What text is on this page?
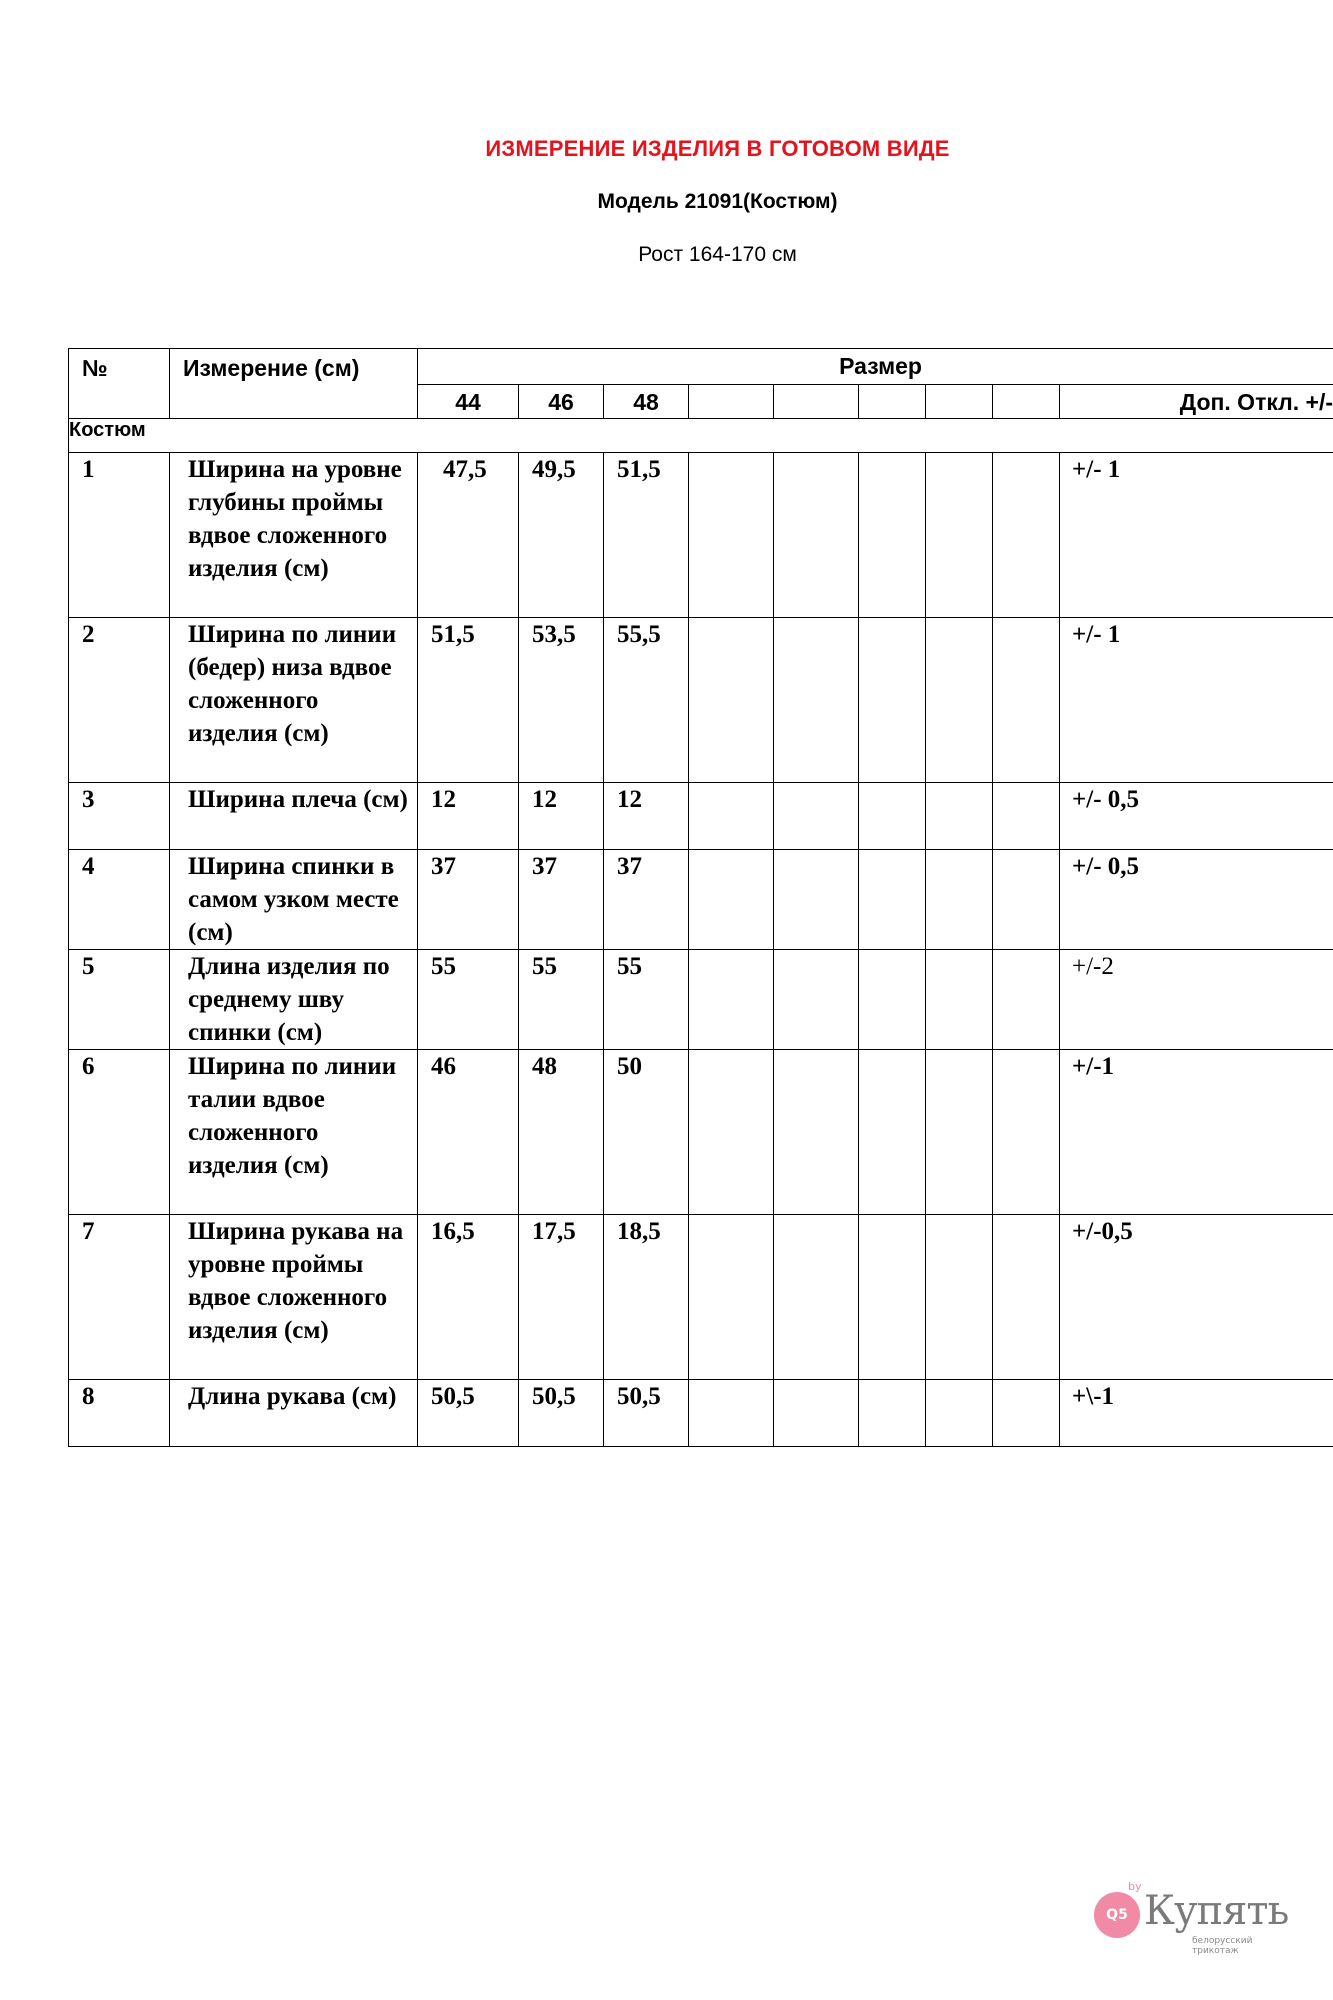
ИЗМЕРЕНИЕ ИЗДЕЛИЯ В ГОТОВОМ ВИДЕ
Модель 21091(Костюм)
Рост 164-170 см
№	Измерение (см)	Размер								
		44	46	48						Доп. Откл. +/-
Костюм										
1	Ширина на уровне глубины проймы вдвое сложенного изделия (см)	47,5	49,5	51,5						+/- 1
2	Ширина по линии (бедер) низа вдвое сложенного изделия (см)	51,5	53,5	55,5						+/- 1
3	Ширина плеча (см)	12	12	12						+/- 0,5
4	Ширина спинки в самом узком месте (см)	37	37	37						+/- 0,5
5	Длина изделия по среднему шву спинки (см)	55	55	55						+/-2
6	Ширина по линии талии вдвое сложенного изделия (см)	46	48	50						+/-1
7	Ширина рукава на уровне проймы вдвое сложенного изделия (см)	16,5	17,5	18,5						+/-0,5
8	Длина рукава (см)	50,5	50,5	50,5						+\-1
Q5
by
Купять
белорусский трикотаж
